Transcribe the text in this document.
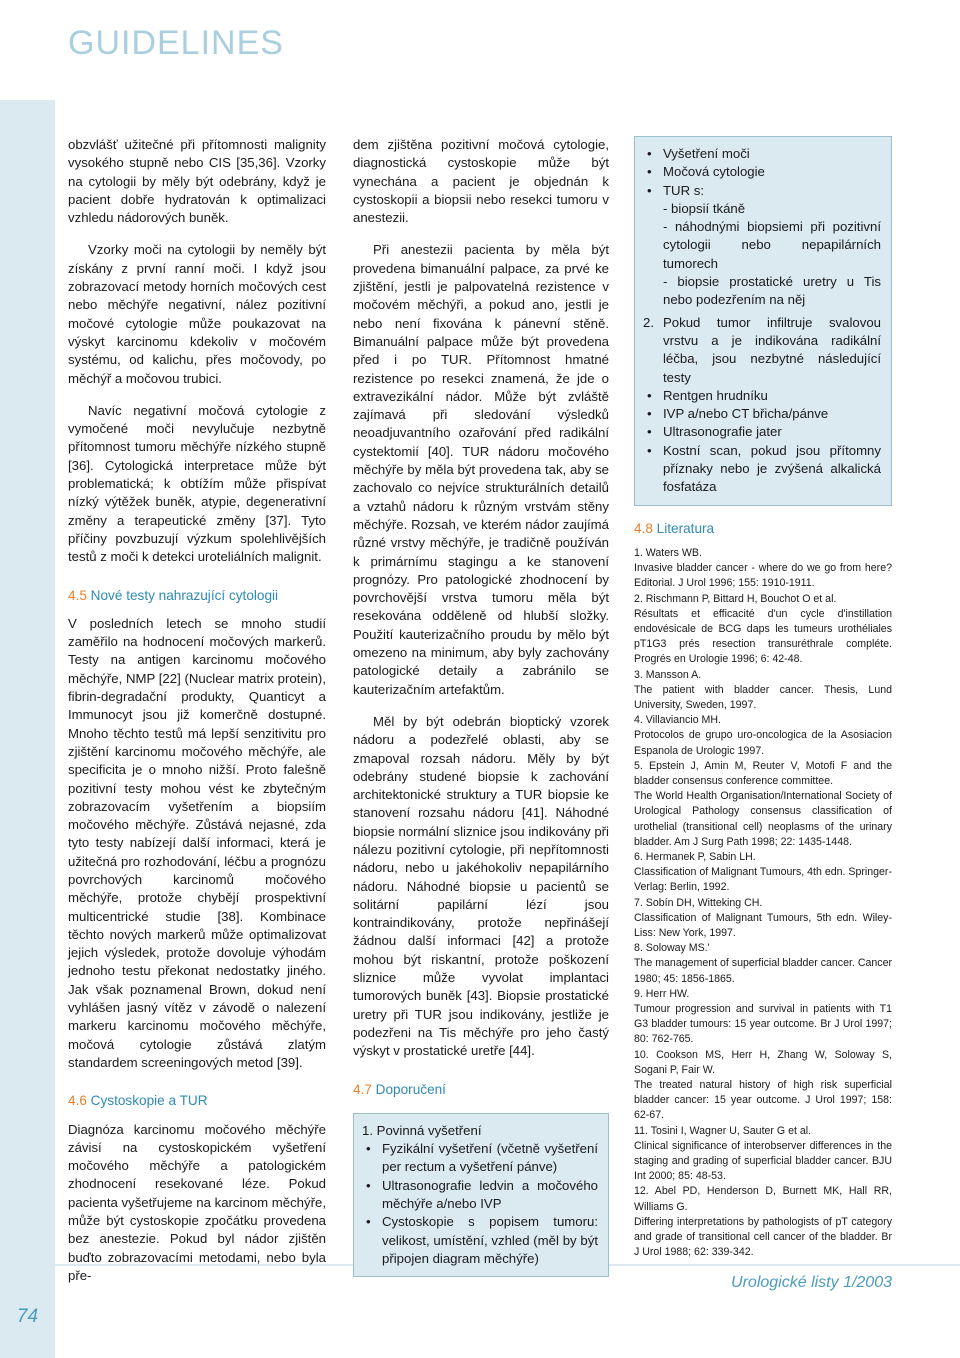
GUIDELINES
74
Urologické listy 1/2003

obzvlášť užitečné při přítomnosti malignity vysokého stupně nebo CIS [35,36]. Vzorky na cytologii by měly být odebrány, když je pacient dobře hydratován k optimalizaci vzhledu nádorových buněk.

Vzorky moči na cytologii by neměly být získány z první ranní moči. I když jsou zobrazovací metody horních močových cest nebo měchýře negativní, nález pozitivní močové cytologie může poukazovat na výskyt karcinomu kdekoliv v močovém systému, od kalichu, přes močovody, po měchýř a močovou trubici.

Navíc negativní močová cytologie z vymočené moči nevylučuje nezbytně přítomnost tumoru měchýře nízkého stupně [36]. Cytologická interpretace může být problematická; k obtížím může přispívat nízký výtěžek buněk, atypie, degenerativní změny a terapeutické změny [37]. Tyto příčiny povzbuzují výzkum spolehlivějších testů z moči k detekci uroteliálních malignit.

4.5 Nové testy nahrazující cytologii

V posledních letech se mnoho studií zaměřilo na hodnocení močových markerů. Testy na antigen karcinomu močového měchýře, NMP [22] (Nuclear matrix protein), fibrin-degradační produkty, Quanticyt a Immunocyt jsou již komerčně dostupné. Mnoho těchto testů má lepší senzitivitu pro zjištění karcinomu močového měchýře, ale specificita je o mnoho nižší. Proto falešně pozitivní testy mohou vést ke zbytečným zobrazovacím vyšetřením a biopsiím močového měchýře. Zůstává nejasné, zda tyto testy nabízejí další informaci, která je užitečná pro rozhodování, léčbu a prognózu povrchových karcinomů močového měchýře, protože chybějí prospektivní multicentrické studie [38]. Kombinace těchto nových markerů může optimalizovat jejich výsledek, protože dovoluje výhodám jednoho testu překonat nedostatky jiného. Jak však poznamenal Brown, dokud není vyhlášen jasný vítěz v závodě o nalezení markeru karcinomu močového měchýře, močová cytologie zůstává zlatým standardem screeningových metod [39].

4.6 Cystoskopie a TUR

Diagnóza karcinomu močového měchýře závisí na cystoskopickém vyšetření močového měchýře a patologickém zhodnocení resekované léze. Pokud pacienta vyšetřujeme na karcinom měchýře, může být cystoskopie zpočátku provedena bez anestezie. Pokud byl nádor zjištěn buďto zobrazovacími metodami, nebo byla pře-

dem zjištěna pozitivní močová cytologie, diagnostická cystoskopie může být vynechána a pacient je objednán k cystoskopii a biopsii nebo resekci tumoru v anestezii.

Při anestezii pacienta by měla být provedena bimanuální palpace, za prvé ke zjištění, jestli je palpovatelná rezistence v močovém měchýři, a pokud ano, jestli je nebo není fixována k pánevní stěně. Bimanuální palpace může být provedena před i po TUR. Přítomnost hmatné rezistence po resekci znamená, že jde o extravezikální nádor. Může být zvláště zajímavá při sledování výsledků neoadjuvantního ozařování před radikální cystektomií [40]. TUR nádoru močového měchýře by měla být provedena tak, aby se zachovalo co nejvíce strukturálních detailů a vztahů nádoru k různým vrstvám stěny měchýře. Rozsah, ve kterém nádor zaujímá různé vrstvy měchýře, je tradičně používán k primárnímu stagingu a ke stanovení prognózy. Pro patologické zhodnocení by povrchovější vrstva tumoru měla být resekována odděleně od hlubší složky. Použití kauterizačního proudu by mělo být omezeno na minimum, aby byly zachovány patologické detaily a zabránilo se kauterizačním artefaktům.

Měl by být odebrán bioptický vzorek nádoru a podezřelé oblasti, aby se zmapoval rozsah nádoru. Měly by být odebrány studené biopsie k zachování architektonické struktury a TUR biopsie ke stanovení rozsahu nádoru [41]. Náhodné biopsie normální sliznice jsou indikovány při nálezu pozitivní cytologie, při nepřítomnosti nádoru, nebo u jakéhokoliv nepapilárního nádoru. Náhodné biopsie u pacientů se solitární papilární lézí jsou kontraindikovány, protože nepřinášejí žádnou další informaci [42] a protože mohou být riskantní, protože poškození sliznice může vyvolat implantaci tumorových buněk [43]. Biopsie prostatické uretry při TUR jsou indikovány, jestliže je podezřeni na Tis měchýře pro jeho častý výskyt v prostatické uretře [44].

4.7 Doporučení
1. Povinná vyšetření
• Fyzikální vyšetření (včetně vyšetření per rectum a vyšetření pánve)
• Ultrasonografie ledvin a močového měchýře a/nebo IVP
• Cystoskopie s popisem tumoru: velikost, umístění, vzhled (měl by být připojen diagram měchýře)
• Vyšetření moči
• Močová cytologie
• TUR s:
- biopsií tkáně
- náhodnými biopsiemi při pozitivní cytologii nebo nepapilárních tumorech
- biopsie prostatické uretry u Tis nebo podezřením na něj
2. Pokud tumor infiltruje svalovou vrstvu a je indikována radikální léčba, jsou nezbytné následující testy
• Rentgen hrudníku
• IVP a/nebo CT břicha/pánve
• Ultrasonografie jater
• Kostní scan, pokud jsou přítomny příznaky nebo je zvýšená alkalická fosfatáza
4.8 Literatura
1. Waters WB.
Invasive bladder cancer - where do we go from here? Editorial. J Urol 1996; 155: 1910-1911.
2. Rischmann P, Bittard H, Bouchot O et al.
Résultats et efficacité d'un cycle d'instillation endovésicale de BCG daps les tumeurs urothéliales pT1G3 prés resection transuréthrale compléte. Progrés en Urologie 1996; 6: 42-48.
3. Mansson A.
The patient with bladder cancer. Thesis, Lund University, Sweden, 1997.
4. Villaviancio MH.
Protocolos de grupo uro-oncologica de la Asosiacion Espanola de Urologic 1997.
5. Epstein J, Amin M, Reuter V, Motofi F and the bladder consensus conference committee.
The World Health Organisation/International Society of Urological Pathology consensus classification of urothelial (transitional cell) neoplasms of the urinary bladder. Am J Surg Path 1998; 22: 1435-1448.
6. Hermanek P, Sabin LH.
Classification of Malignant Tumours, 4th edn. Springer-Verlag: Berlin, 1992.
7. Sobín DH, Witteking CH.
Classification of Malignant Tumours, 5th edn. Wiley-Liss: New York, 1997.
8. Soloway MS.'
The management of superficial bladder cancer. Cancer 1980; 45: 1856-1865.
9. Herr HW.
Tumour progression and survival in patients with T1 G3 bladder tumours: 15 year outcome. Br J Urol 1997; 80: 762-765.
10. Cookson MS, Herr H, Zhang W, Soloway S, Sogani P, Fair W.
The treated natural history of high risk superficial bladder cancer: 15 year outcome. J Urol 1997; 158: 62-67.
11. Tosini I, Wagner U, Sauter G et al.
Clinical significance of interobserver differences in the staging and grading of superficial bladder cancer. BJU Int 2000; 85: 48-53.
12. Abel PD, Henderson D, Burnett MK, Hall RR, Williams G.
Differing interpretations by pathologists of pT category and grade of transitional cell cancer of the bladder. Br J Urol 1988; 62: 339-342.
